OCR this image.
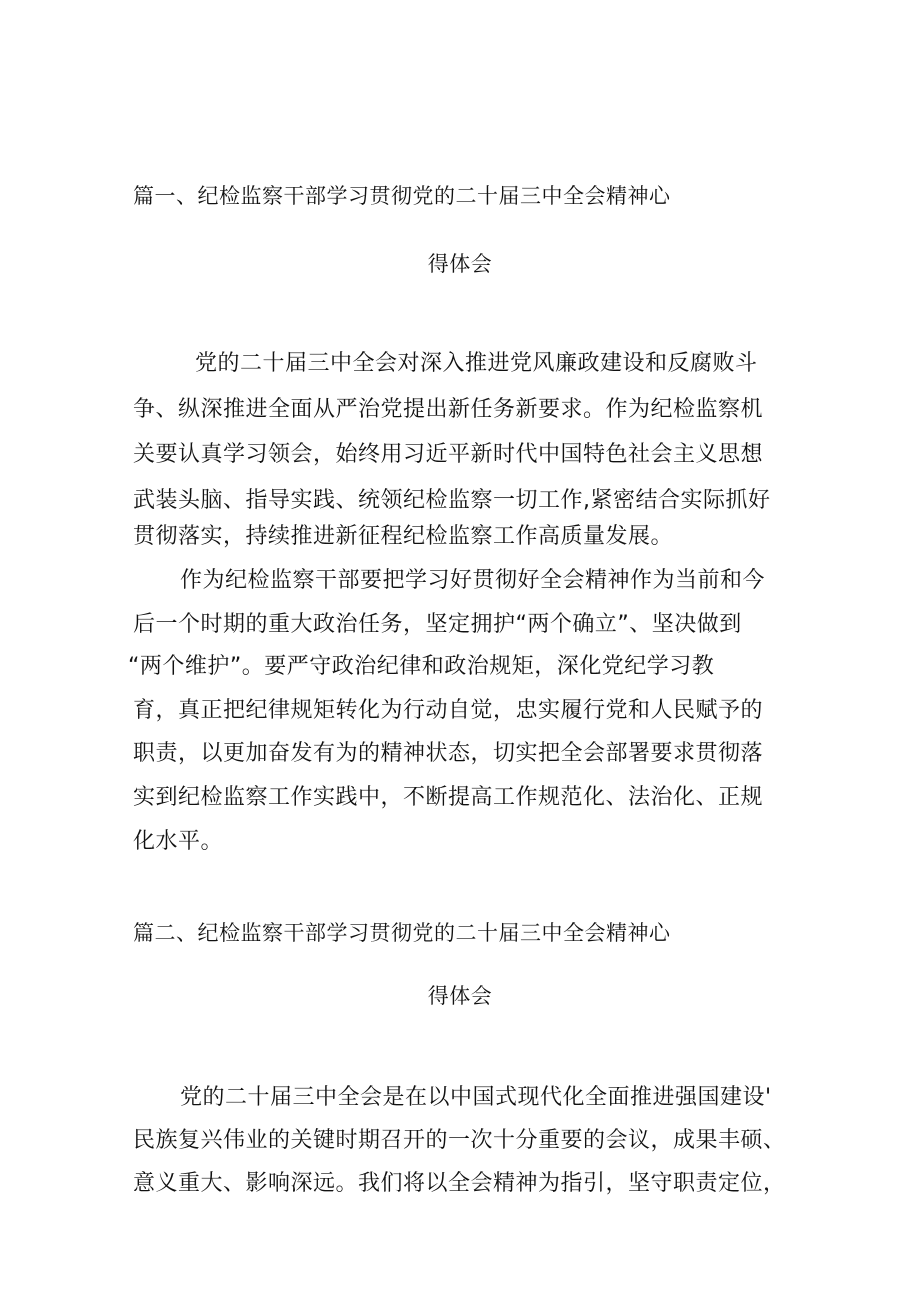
篇一、纪检监察干部学习贯彻党的二十届三中全会精神心
得体会
党的二十届三中全会对深入推进党风廉政建设和反腐败斗
争、纵深推进全面从严治党提出新任务新要求。作为纪检监察机
关要认真学习领会，始终用习近平新时代中国特色社会主义思想
武装头脑、指导实践、统领纪检监察一切工作,紧密结合实际抓好
贯彻落实，持续推进新征程纪检监察工作高质量发展。
作为纪检监察干部要把学习好贯彻好全会精神作为当前和今
后一个时期的重大政治任务，坚定拥护“两个确立”、坚决做到
“两个维护”。要严守政治纪律和政治规矩，深化党纪学习教
育，真正把纪律规矩转化为行动自觉，忠实履行党和人民赋予的
职责，以更加奋发有为的精神状态，切实把全会部署要求贯彻落
实到纪检监察工作实践中，不断提高工作规范化、法治化、正规
化水平。
篇二、纪检监察干部学习贯彻党的二十届三中全会精神心
得体会
党的二十届三中全会是在以中国式现代化全面推进强国建设'
民族复兴伟业的关键时期召开的一次十分重要的会议，成果丰硕、
意义重大、影响深远。我们将以全会精神为指引，坚守职责定位，
